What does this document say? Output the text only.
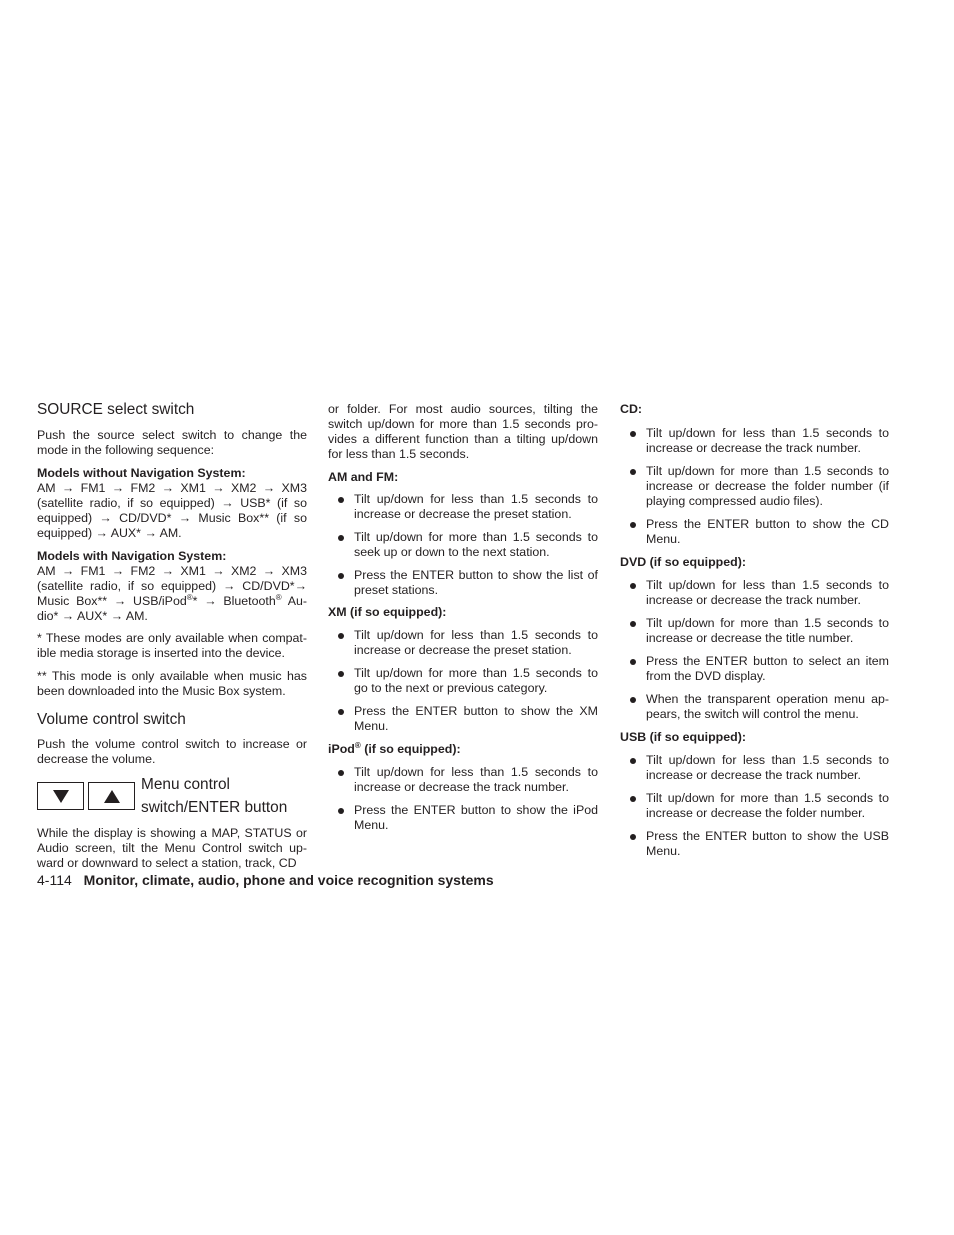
SOURCE select switch

Push the source select switch to change the mode in the following sequence:

Models without Navigation System:

AM → FM1 → FM2 → XM1 → XM2 → XM3 (satellite radio, if so equipped) → USB* (if so equipped) → CD/DVD* → Music Box** (if so equipped) → AUX* → AM.

Models with Navigation System:

AM → FM1 → FM2 → XM1 → XM2 → XM3 (satellite radio, if so equipped) → CD/DVD*→ Music Box** → USB/iPod®* → Bluetooth® Au-dio* → AUX* → AM.

* These modes are only available when compat-ible media storage is inserted into the device.

** This mode is only available when music has been downloaded into the Music Box system.

Volume control switch

Push the volume control switch to increase or decrease the volume.

Menu control
switch/ENTER button

While the display is showing a MAP, STATUS or Audio screen, tilt the Menu Control switch up-ward or downward to select a station, track, CD

or folder. For most audio sources, tilting the switch up/down for more than 1.5 seconds pro-vides a different function than a tilting up/down for less than 1.5 seconds.

AM and FM:
Tilt up/down for less than 1.5 seconds to increase or decrease the preset station.
Tilt up/down for more than 1.5 seconds to seek up or down to the next station.
Press the ENTER button to show the list of preset stations.
XM (if so equipped):
Tilt up/down for less than 1.5 seconds to increase or decrease the preset station.
Tilt up/down for more than 1.5 seconds to go to the next or previous category.
Press the ENTER button to show the XM Menu.
iPod® (if so equipped):
Tilt up/down for less than 1.5 seconds to increase or decrease the track number.
Press the ENTER button to show the iPod Menu.
CD:
Tilt up/down for less than 1.5 seconds to increase or decrease the track number.
Tilt up/down for more than 1.5 seconds to increase or decrease the folder number (if playing compressed audio files).
Press the ENTER button to show the CD Menu.
DVD (if so equipped):
Tilt up/down for less than 1.5 seconds to increase or decrease the track number.
Tilt up/down for more than 1.5 seconds to increase or decrease the title number.
Press the ENTER button to select an item from the DVD display.
When the transparent operation menu ap-pears, the switch will control the menu.
USB (if so equipped):
Tilt up/down for less than 1.5 seconds to increase or decrease the track number.
Tilt up/down for more than 1.5 seconds to increase or decrease the folder number.
Press the ENTER button to show the USB Menu.
4-114 Monitor, climate, audio, phone and voice recognition systems
